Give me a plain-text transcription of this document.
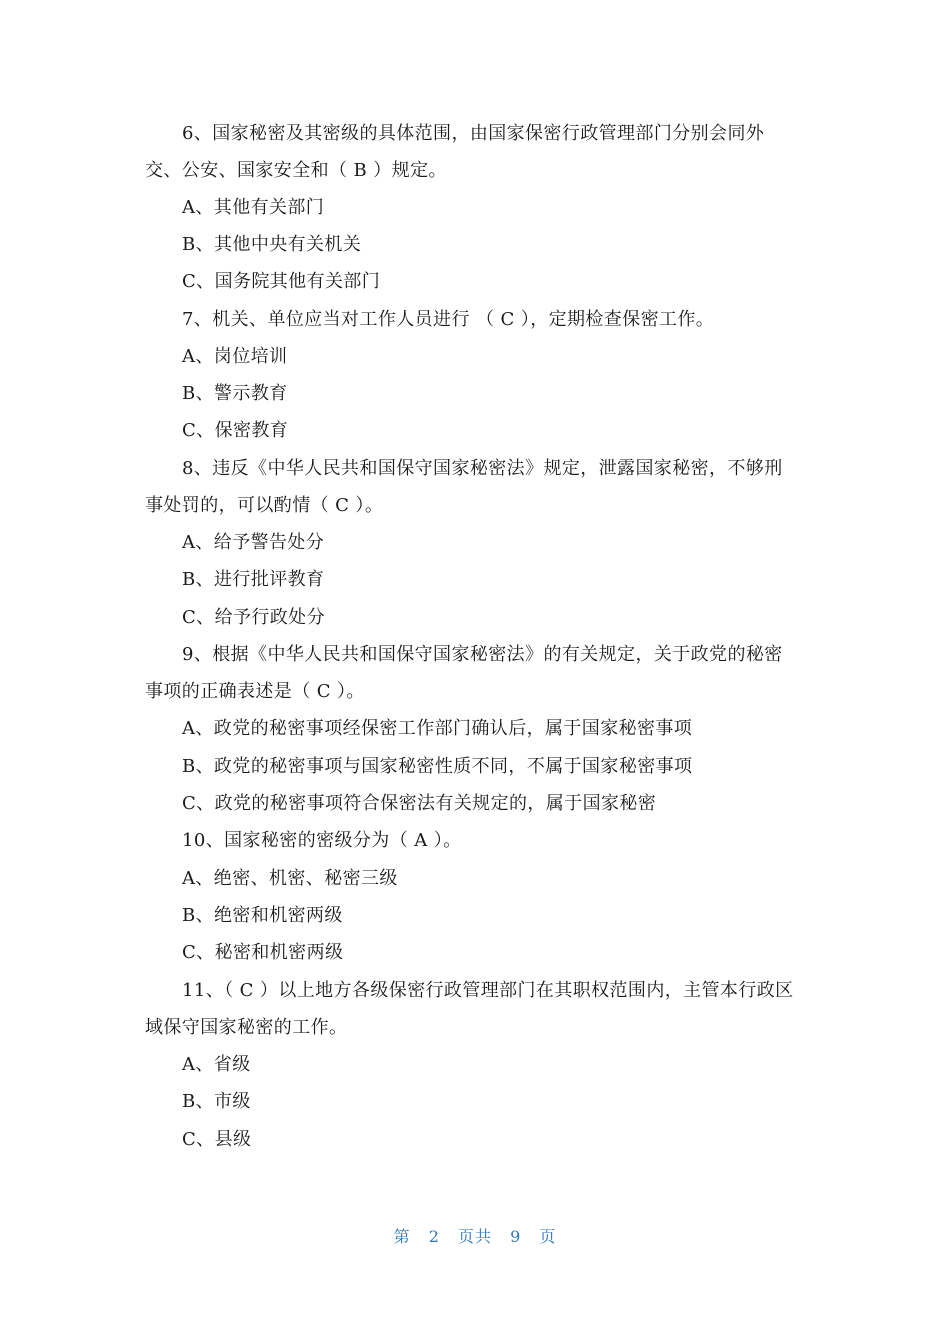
6、国家秘密及其密级的具体范围，由国家保密行政管理部门分别会同外
交、公安、国家安全和（ B ）规定。
A、其他有关部门
B、其他中央有关机关
C、国务院其他有关部门
7、机关、单位应当对工作人员进行 （ C ），定期检查保密工作。
A、岗位培训
B、警示教育
C、保密教育
8、违反《中华人民共和国保守国家秘密法》规定，泄露国家秘密，不够刑
事处罚的，可以酌情（ C ）。
A、给予警告处分
B、进行批评教育
C、给予行政处分
9、根据《中华人民共和国保守国家秘密法》的有关规定，关于政党的秘密
事项的正确表述是（ C ）。
A、政党的秘密事项经保密工作部门确认后，属于国家秘密事项
B、政党的秘密事项与国家秘密性质不同，不属于国家秘密事项
C、政党的秘密事项符合保密法有关规定的，属于国家秘密
10、国家秘密的密级分为（ A ）。
A、绝密、机密、秘密三级
B、绝密和机密两级
C、秘密和机密两级
11、（ C ）以上地方各级保密行政管理部门在其职权范围内，主管本行政区
域保守国家秘密的工作。
A、省级
B、市级
C、县级
第 2 页共 9 页
